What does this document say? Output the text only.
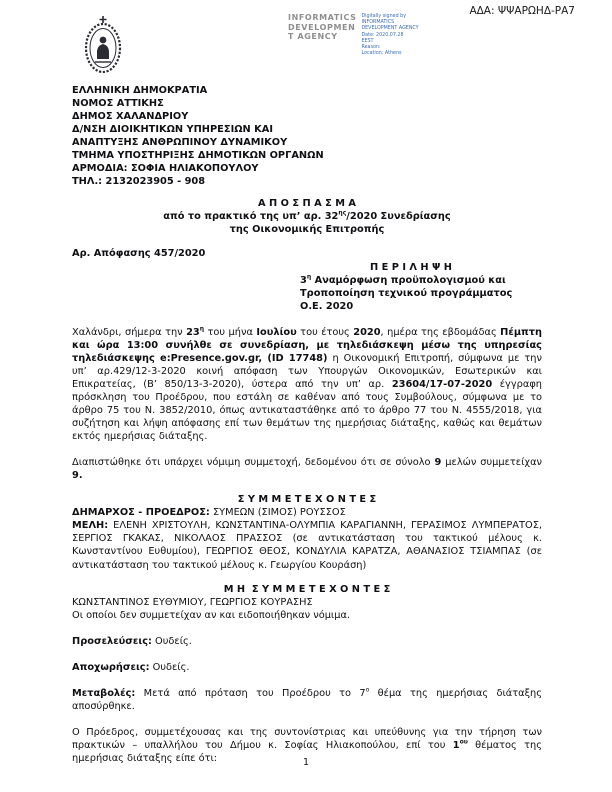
ΑΔΑ: ΨΨΑΡΩΗΔ-ΡΑ7
INFORMATICS
DEVELOPMEN
T AGENCY
Digitally signed by
INFORMATICS
DEVELOPMENT AGENCY
Date: 2020.07.28
EEST
Reason:
Location: Athens
ΕΛΛΗΝΙΚΗ ΔΗΜΟΚΡΑΤΙΑ
ΝΟΜΟΣ ΑΤΤΙΚΗΣ
ΔΗΜΟΣ ΧΑΛΑΝΔΡΙΟΥ
Δ/ΝΣΗ ΔΙΟΙΚΗΤΙΚΩΝ ΥΠΗΡΕΣΙΩΝ ΚΑΙ
ΑΝΑΠΤΥΞΗΣ ΑΝΘΡΩΠΙΝΟΥ ΔΥΝΑΜΙΚΟΥ
ΤΜΗΜΑ ΥΠΟΣΤΗΡΙΞΗΣ ΔΗΜΟΤΙΚΩΝ ΟΡΓΑΝΩΝ
ΑΡΜΟΔΙΑ: ΣΟΦΙΑ ΗΛΙΑΚΟΠΟΥΛΟΥ
ΤΗΛ.: 2132023905 - 908
Α Π Ο Σ Π Α Σ Μ Α
από το πρακτικό της υπ’ αρ. $32^{\eta\varsigma}/2020$ Συνεδρίασης
της Οικονομικής Επιτροπής
Αρ. Απόφασης 457/2020
Π Ε Ρ Ι Λ Η Ψ Η
$3^\eta$ Αναμόρφωση προϋπολογισμού και
Τροποποίηση τεχνικού προγράμματος
Ο.Ε. 2020
Χαλάνδρι, σήμερα την $23^\eta$ του μήνα Ιουλίου του έτους 2020, ημέρα της εβδομάδας Πέμπτη και ώρα 13:00 συνήλθε σε συνεδρίαση, με τηλεδιάσκεψη μέσω της υπηρεσίας τηλεδιάσκεψης e:Presence.gov.gr, (ID 17748) η Οικονομική Επιτροπή, σύμφωνα με την υπ’ αρ.429/12-3-2020 κοινή απόφαση των Υπουργών Οικονομικών, Εσωτερικών και Επικρατείας, (Β’ 850/13-3-2020), ύστερα από την υπ’ αρ. 23604/17-07-2020 έγγραφη πρόσκληση του Προέδρου, που εστάλη σε καθέναν από τους Συμβούλους, σύμφωνα με το άρθρο 75 του Ν. 3852/2010, όπως αντικαταστάθηκε από το άρθρο 77 του Ν. 4555/2018, για συζήτηση και λήψη απόφασης επί των θεμάτων της ημερήσιας διάταξης, καθώς και θεμάτων εκτός ημερήσιας διάταξης.
Διαπιστώθηκε ότι υπάρχει νόμιμη συμμετοχή, δεδομένου ότι σε σύνολο 9 μελών συμμετείχαν 9.
Σ Υ Μ Μ Ε Τ Ε Χ Ο Ν Τ Ε Σ
ΔΗΜΑΡΧΟΣ - ΠΡΟΕΔΡΟΣ: ΣΥΜΕΩΝ (ΣΙΜΟΣ) ΡΟΥΣΣΟΣ
ΜΕΛΗ: ΕΛΕΝΗ ΧΡΙΣΤΟΥΛΗ, ΚΩΝΣΤΑΝΤΙΝΑ-ΟΛΥΜΠΙΑ ΚΑΡΑΓΙΑΝΝΗ, ΓΕΡΑΣΙΜΟΣ ΛΥΜΠΕΡΑΤΟΣ, ΣΕΡΓΙΟΣ ΓΚΑΚΑΣ, ΝΙΚΟΛΑΟΣ ΠΡΑΣΣΟΣ (σε αντικατάσταση του τακτικού μέλους κ. Κωνσταντίνου Ευθυμίου), ΓΕΩΡΓΙΟΣ ΘΕΟΣ, ΚΟΝΔΥΛΙΑ ΚΑΡΑΤΖΑ, ΑΘΑΝΑΣΙΟΣ ΤΣΙΑΜΠΑΣ (σε αντικατάσταση του τακτικού μέλους κ. Γεωργίου Κουράση)
Μ Η  Σ Υ Μ Μ Ε Τ Ε Χ Ο Ν Τ Ε Σ
ΚΩΝΣΤΑΝΤΙΝΟΣ ΕΥΘΥΜΙΟΥ, ΓΕΩΡΓΙΟΣ ΚΟΥΡΑΣΗΣ
Οι οποίοι δεν συμμετείχαν αν και ειδοποιήθηκαν νόμιμα.
Προσελεύσεις: Ουδείς.
Αποχωρήσεις: Ουδείς.
Μεταβολές: Μετά από πρόταση του Προέδρου το $7^o$ θέμα της ημερήσιας διάταξης αποσύρθηκε.
Ο Πρόεδρος, συμμετέχουσας και της συντονίστριας και υπεύθυνης για την τήρηση των πρακτικών – υπαλλήλου του Δήμου κ. Σοφίας Ηλιακοπούλου, επί του $1^{o\upsilon}$ θέματος της ημερήσιας διάταξης είπε ότι:	1
